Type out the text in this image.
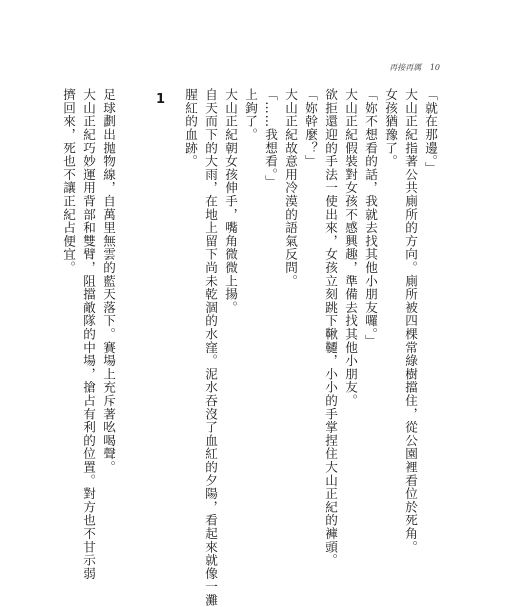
再接再厲 10
「就在那邊。」
大山正紀指著公共廁所的方向。廁所被四棵常綠樹擋住，從公園裡看位於死角。
女孩猶豫了。
「妳不想看的話，我就去找其他小朋友囉。」
大山正紀假裝對女孩不感興趣，準備去找其他小朋友。
欲拒還迎的手法一使出來，女孩立刻跳下鞦韆，小小的手掌捏住大山正紀的褲頭。
「妳幹麼？」
大山正紀故意用冷漠的語氣反問。
「……我想看。」
上鉤了。
大山正紀朝女孩伸手，嘴角微微上揚。
自天而下的大雨，在地上留下尚未乾涸的水窪。泥水吞沒了血紅的夕陽，看起來就像一灘
腥紅的血跡。
1
足球劃出拋物線，自萬里無雲的藍天落下。賽場上充斥著吆喝聲。
大山正紀巧妙運用背部和雙臂，阻擋敵隊的中場，搶占有利的位置。對方也不甘示弱
擠回來，死也不讓正紀占便宜。
